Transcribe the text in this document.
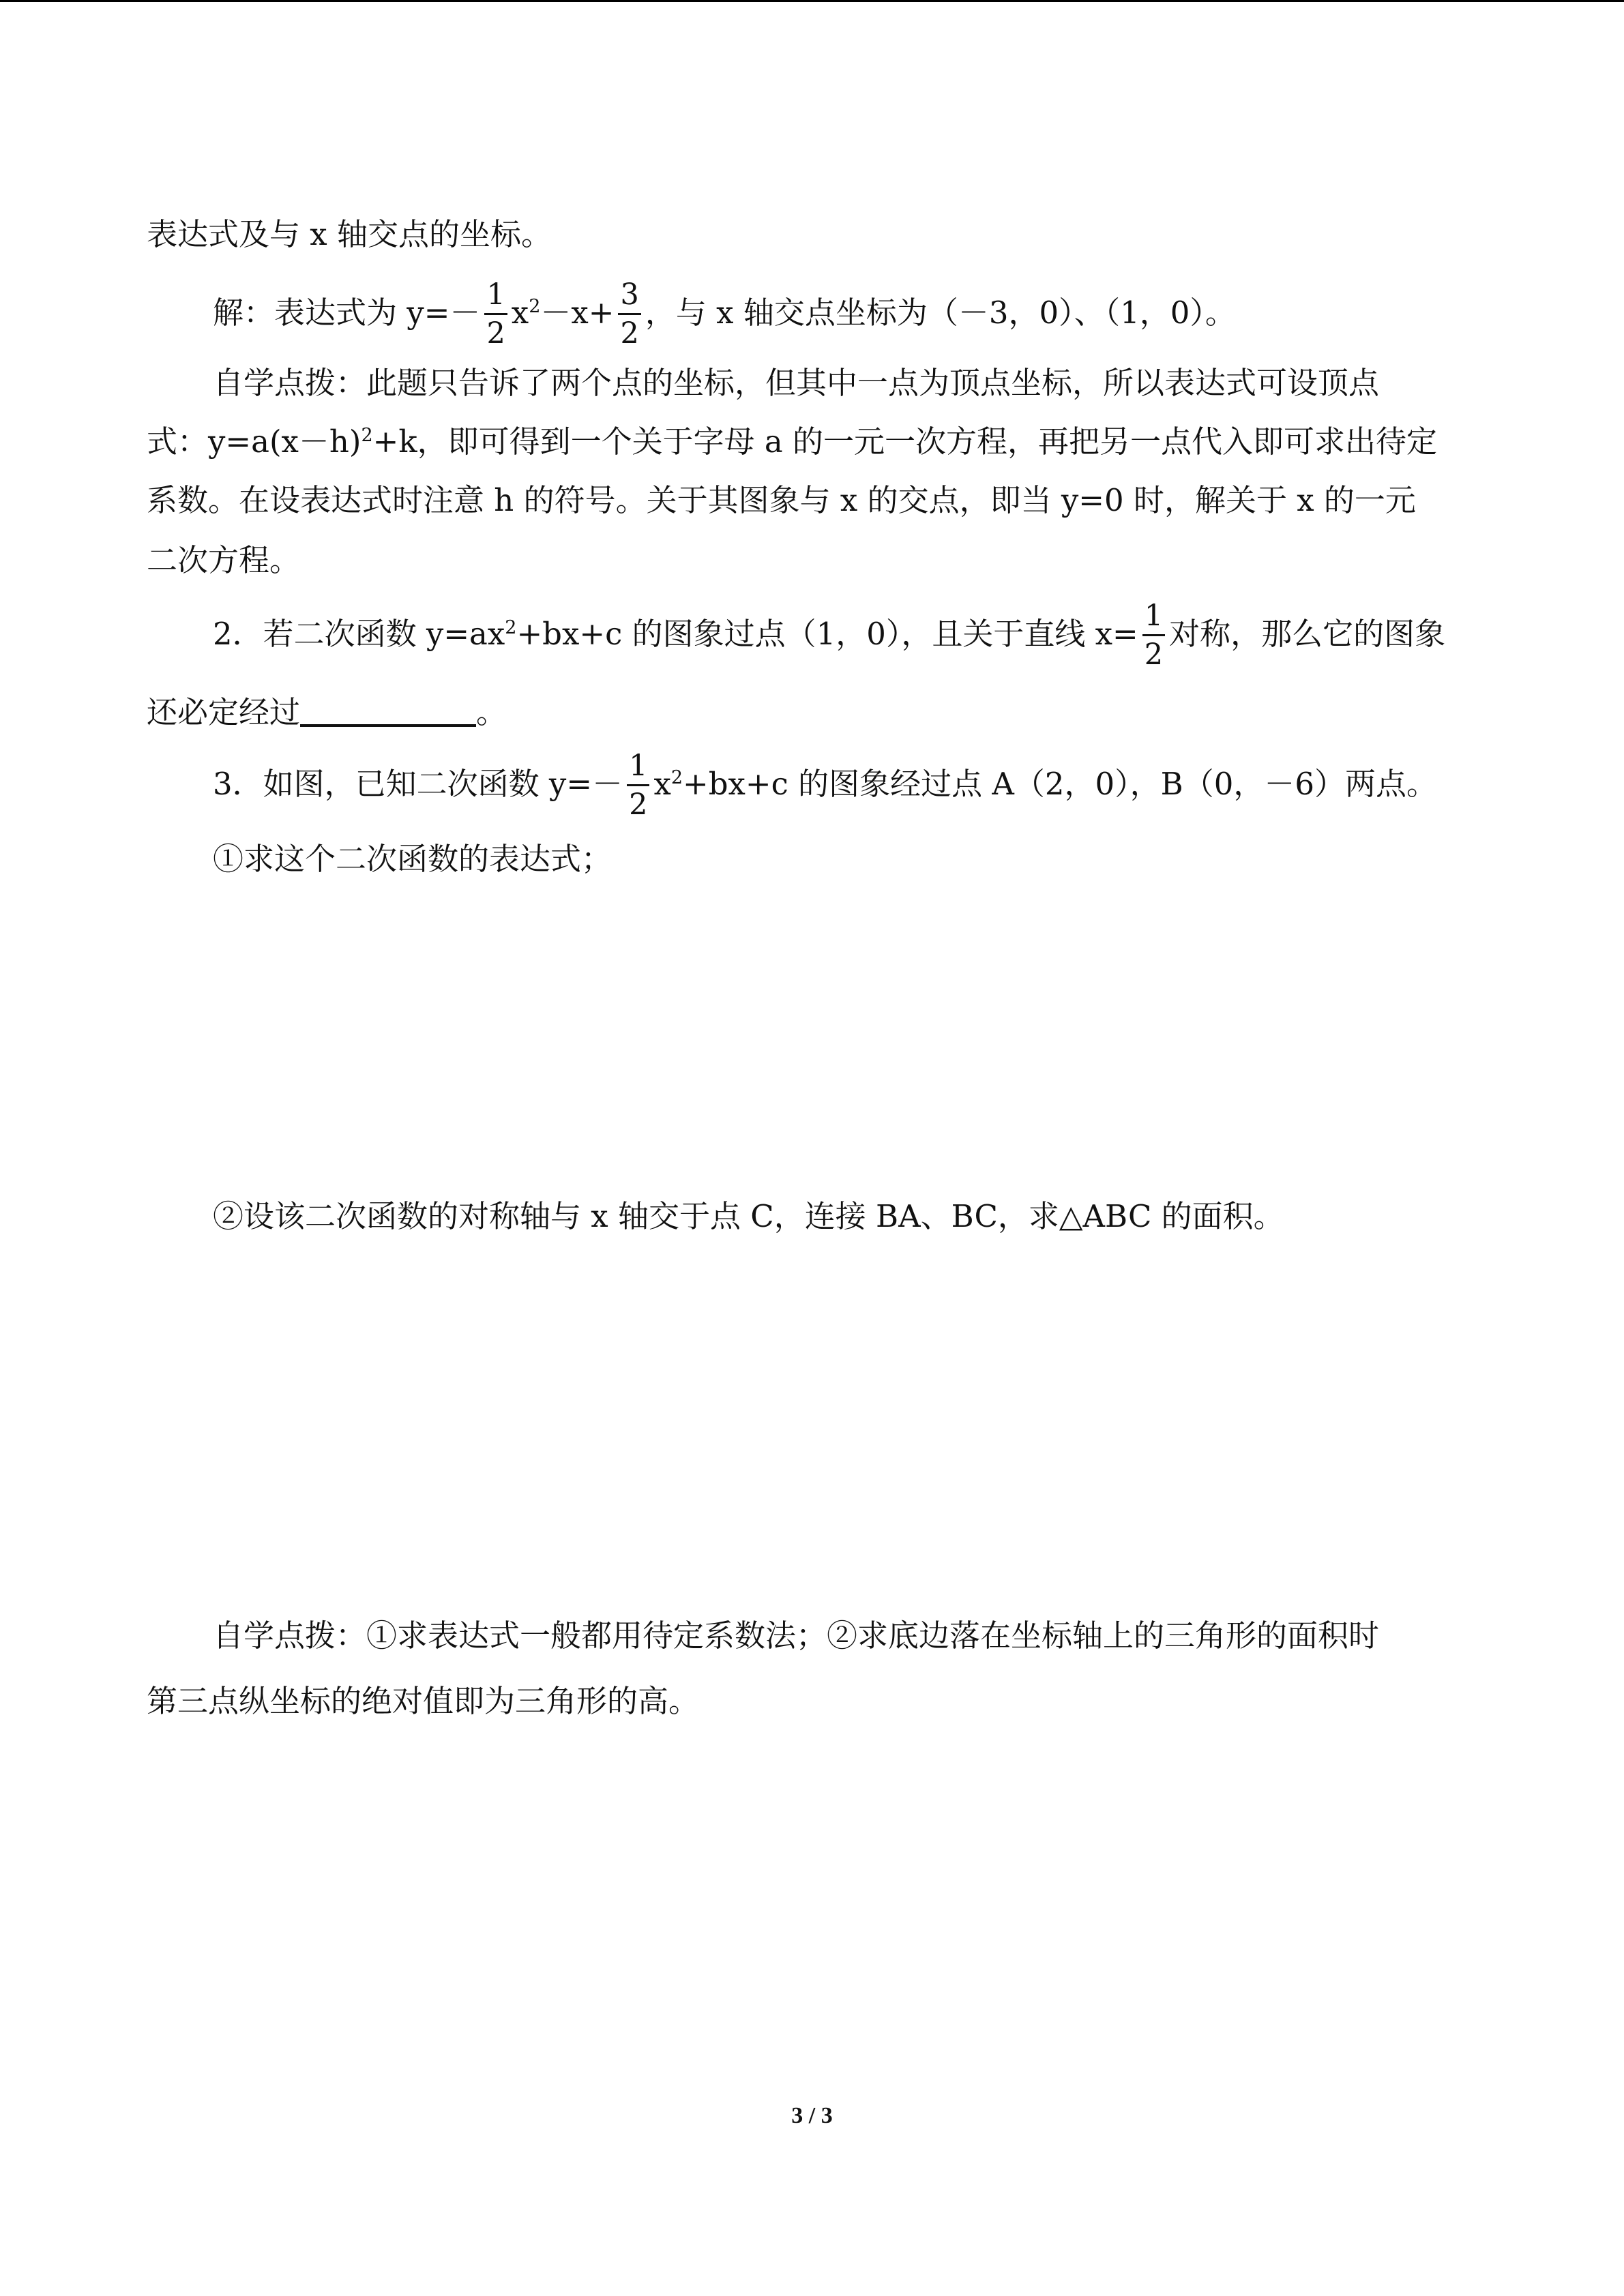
表达式及与 x 轴交点的坐标。
解：表达式为 $y=- \frac{1}{2} x^2-x+ \frac{3}{2}$ ，与 x 轴交点坐标为（－3，0）、（1，0）。
自学点拨：此题只告诉了两个点的坐标，但其中一点为顶点坐标，所以表达式可设顶点
式：$y=a(x-h)^2+k$，即可得到一个关于字母 a 的一元一次方程，再把另一点代入即可求出待定
系数。在设表达式时注意 h 的符号。关于其图象与 x 的交点，即当 y=0 时，解关于 x 的一元
二次方程。
2．若二次函数 $y=ax^2+bx+c$ 的图象过点（1，0），且关于直线 $x= \frac{1}{2}$ 对称，那么它的图象
还必定经过	。
3．如图，已知二次函数 $y=- \frac{1}{2} x^2+bx+c$ 的图象经过点 A（2，0），B（0，－6）两点。
①求这个二次函数的表达式；
②设该二次函数的对称轴与 x 轴交于点 C，连接 BA、BC，求△ABC 的面积。
自学点拨：①求表达式一般都用待定系数法；②求底边落在坐标轴上的三角形的面积时
第三点纵坐标的绝对值即为三角形的高。
3 / 3
